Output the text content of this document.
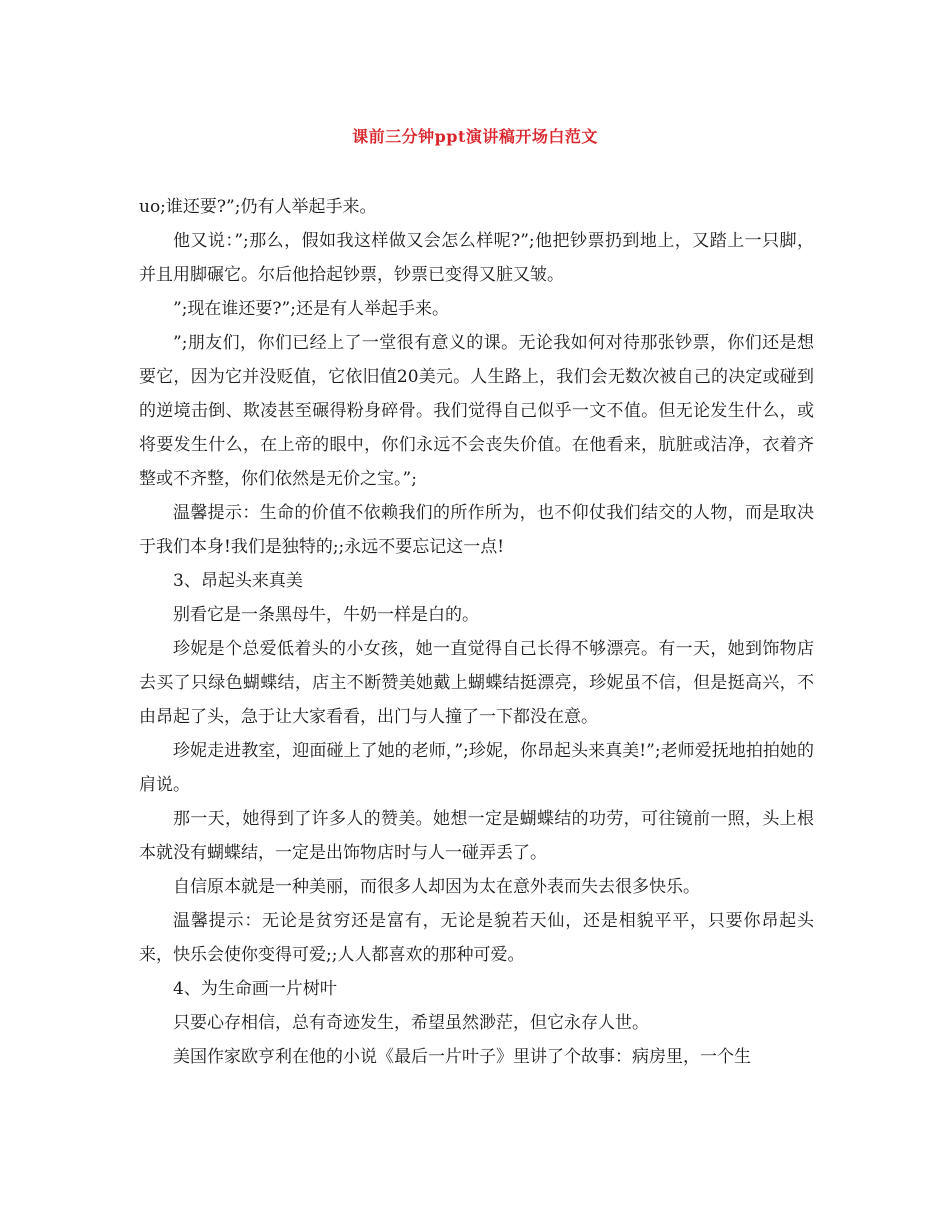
课前三分钟ppt演讲稿开场白范文

uo;谁还要?”;仍有人举起手来。

他又说：”;那么，假如我这样做又会怎么样呢?”;他把钞票扔到地上，又踏上一只脚，并且用脚碾它。尔后他拾起钞票，钞票已变得又脏又皱。

”;现在谁还要?”;还是有人举起手来。

”;朋友们，你们已经上了一堂很有意义的课。无论我如何对待那张钞票，你们还是想要它，因为它并没贬值，它依旧值20美元。人生路上，我们会无数次被自己的决定或碰到的逆境击倒、欺凌甚至碾得粉身碎骨。我们觉得自己似乎一文不值。但无论发生什么，或将要发生什么，在上帝的眼中，你们永远不会丧失价值。在他看来，肮脏或洁净，衣着齐整或不齐整，你们依然是无价之宝。”;

温馨提示：生命的价值不依赖我们的所作所为，也不仰仗我们结交的人物，而是取决于我们本身!我们是独特的;;永远不要忘记这一点!

3、昂起头来真美

别看它是一条黑母牛，牛奶一样是白的。

珍妮是个总爱低着头的小女孩，她一直觉得自己长得不够漂亮。有一天，她到饰物店去买了只绿色蝴蝶结，店主不断赞美她戴上蝴蝶结挺漂亮，珍妮虽不信，但是挺高兴，不由昂起了头，急于让大家看看，出门与人撞了一下都没在意。

珍妮走进教室，迎面碰上了她的老师，”;珍妮，你昂起头来真美!”;老师爱抚地拍拍她的肩说。

那一天，她得到了许多人的赞美。她想一定是蝴蝶结的功劳，可往镜前一照，头上根本就没有蝴蝶结，一定是出饰物店时与人一碰弄丢了。

自信原本就是一种美丽，而很多人却因为太在意外表而失去很多快乐。

温馨提示：无论是贫穷还是富有，无论是貌若天仙，还是相貌平平，只要你昂起头来，快乐会使你变得可爱;;人人都喜欢的那种可爱。

4、为生命画一片树叶

只要心存相信，总有奇迹发生，希望虽然渺茫，但它永存人世。

美国作家欧亨利在他的小说《最后一片叶子》里讲了个故事：病房里，一个生
